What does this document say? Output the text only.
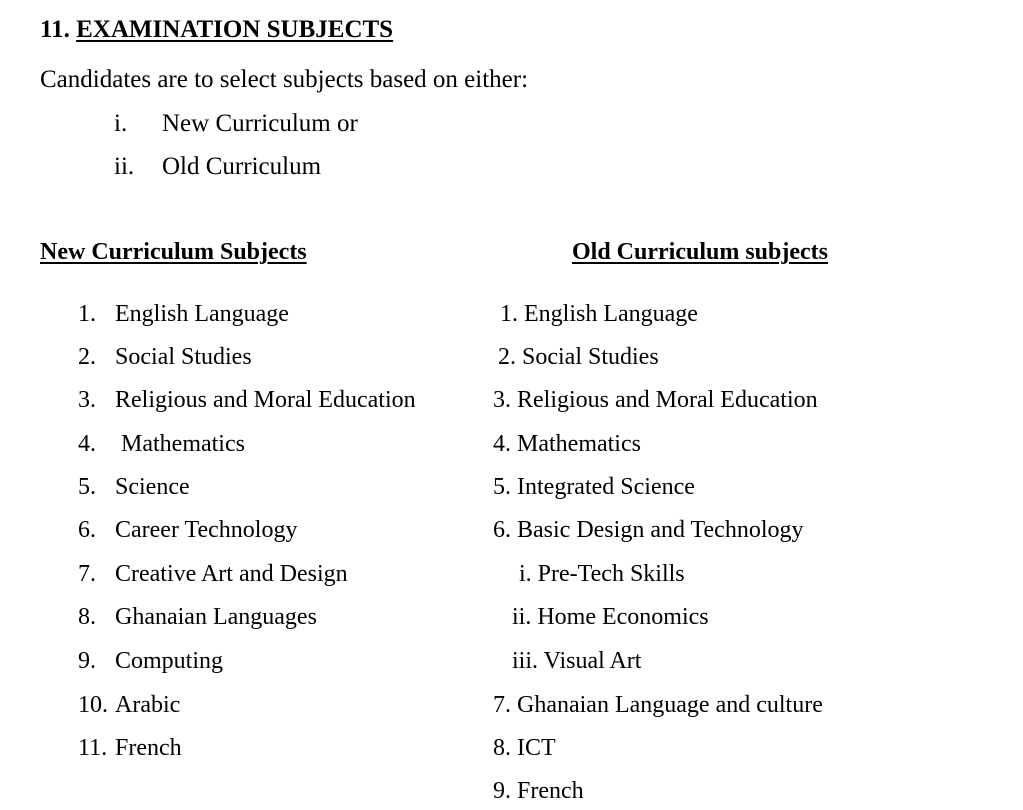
11. EXAMINATION SUBJECTS
Candidates are to select subjects based on either:
i. New Curriculum or
ii. Old Curriculum
New Curriculum Subjects	Old Curriculum subjects
1. English Language
2. Social Studies
3. Religious and Moral Education
4. Mathematics
5. Science
6. Career Technology
7. Creative Art and Design
8. Ghanaian Languages
9. Computing
10. Arabic
11. French
1. English Language
2. Social Studies
3. Religious and Moral Education
4. Mathematics
5. Integrated Science
6. Basic Design and Technology
i. Pre-Tech Skills
ii. Home Economics
iii. Visual Art
7. Ghanaian Language and culture
8. ICT
9. French
